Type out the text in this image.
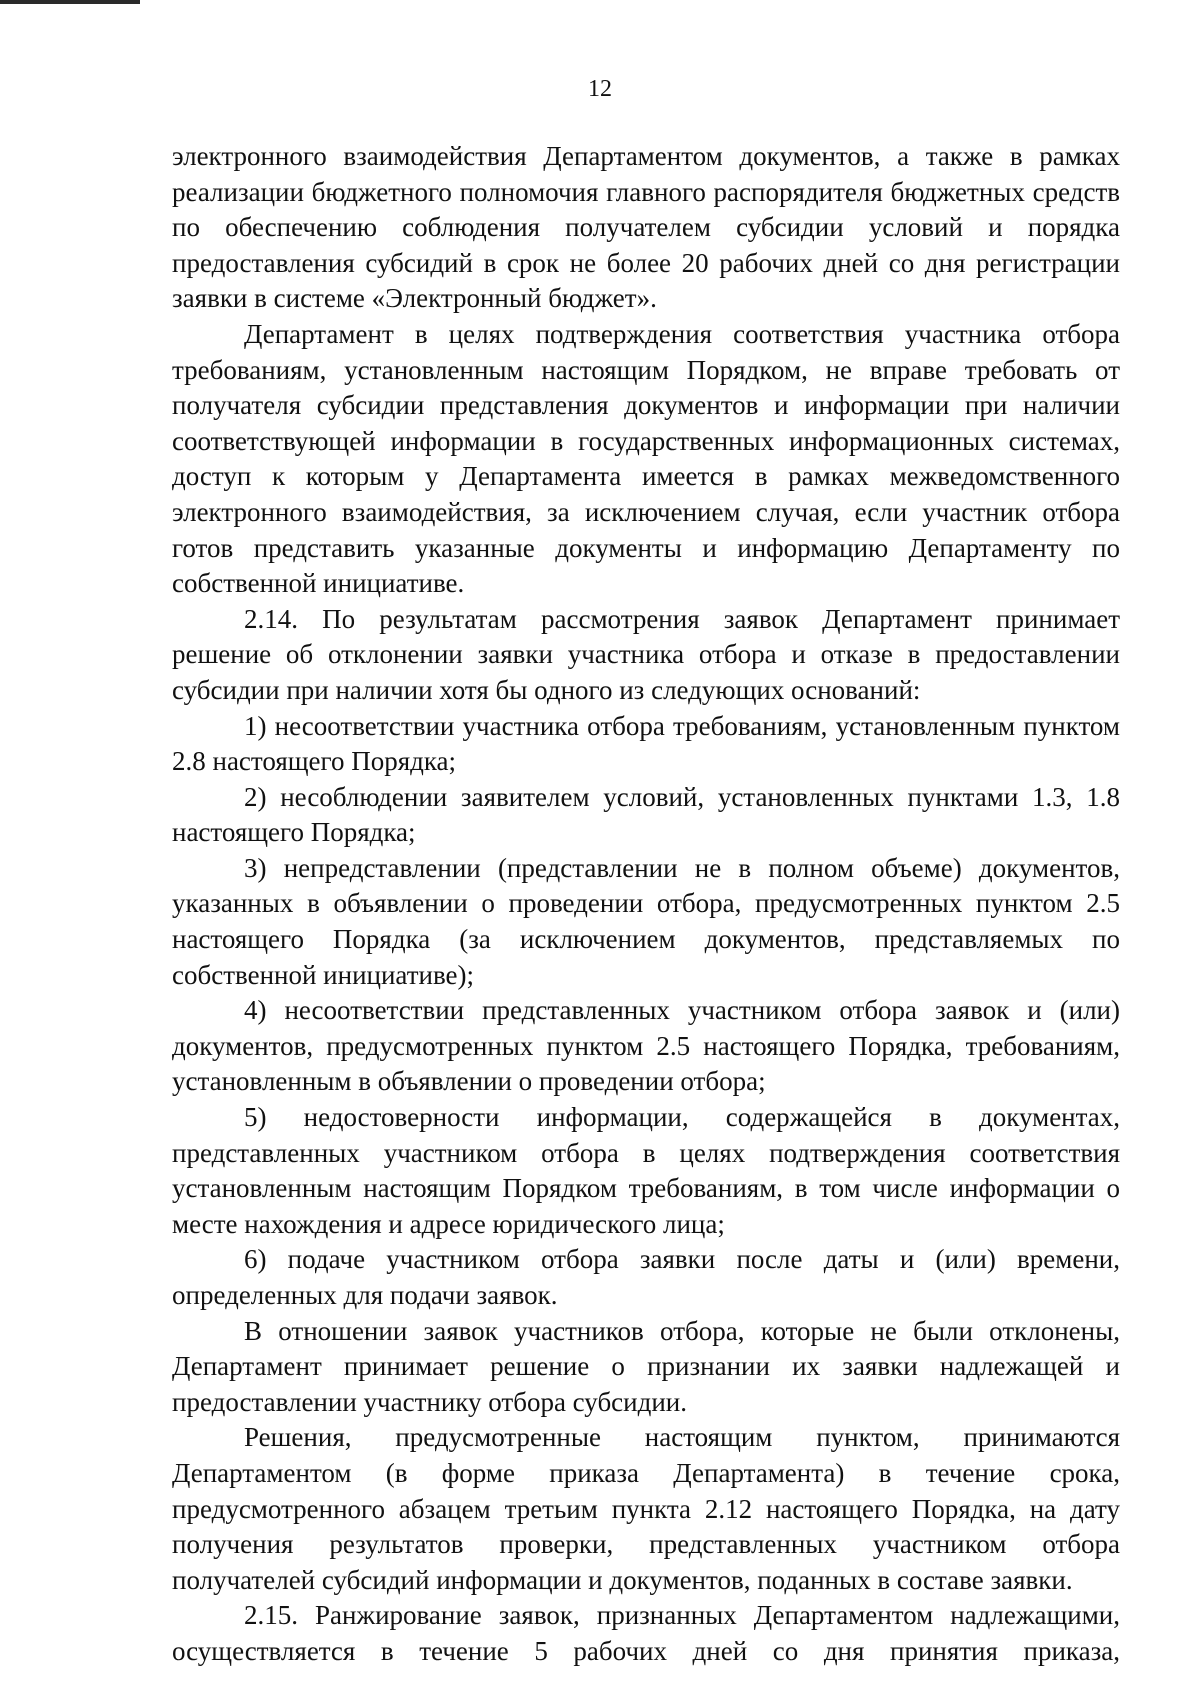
12

электронного взаимодействия Департаментом документов, а также в рамках реализации бюджетного полномочия главного распорядителя бюджетных средств по обеспечению соблюдения получателем субсидии условий и порядка предоставления субсидий в срок не более 20 рабочих дней со дня регистрации заявки в системе «Электронный бюджет».

Департамент в целях подтверждения соответствия участника отбора требованиям, установленным настоящим Порядком, не вправе требовать от получателя субсидии представления документов и информации при наличии соответствующей информации в государственных информационных системах, доступ к которым у Департамента имеется в рамках межведомственного электронного взаимодействия, за исключением случая, если участник отбора готов представить указанные документы и информацию Департаменту по собственной инициативе.

2.14. По результатам рассмотрения заявок Департамент принимает решение об отклонении заявки участника отбора и отказе в предоставлении субсидии при наличии хотя бы одного из следующих оснований:

1) несоответствии участника отбора требованиям, установленным пунктом 2.8 настоящего Порядка;

2) несоблюдении заявителем условий, установленных пунктами 1.3, 1.8 настоящего Порядка;

3) непредставлении (представлении не в полном объеме) документов, указанных в объявлении о проведении отбора, предусмотренных пунктом 2.5 настоящего Порядка (за исключением документов, представляемых по собственной инициативе);

4) несоответствии представленных участником отбора заявок и (или) документов, предусмотренных пунктом 2.5 настоящего Порядка, требованиям, установленным в объявлении о проведении отбора;

5) недостоверности информации, содержащейся в документах, представленных участником отбора в целях подтверждения соответствия установленным настоящим Порядком требованиям, в том числе информации о месте нахождения и адресе юридического лица;

6) подаче участником отбора заявки после даты и (или) времени, определенных для подачи заявок.

В отношении заявок участников отбора, которые не были отклонены, Департамент принимает решение о признании их заявки надлежащей и предоставлении участнику отбора субсидии.

Решения, предусмотренные настоящим пунктом, принимаются Департаментом (в форме приказа Департамента) в течение срока, предусмотренного абзацем третьим пункта 2.12 настоящего Порядка, на дату получения результатов проверки, представленных участником отбора получателей субсидий информации и документов, поданных в составе заявки.

2.15. Ранжирование заявок, признанных Департаментом надлежащими, осуществляется в течение 5 рабочих дней со дня принятия приказа,
